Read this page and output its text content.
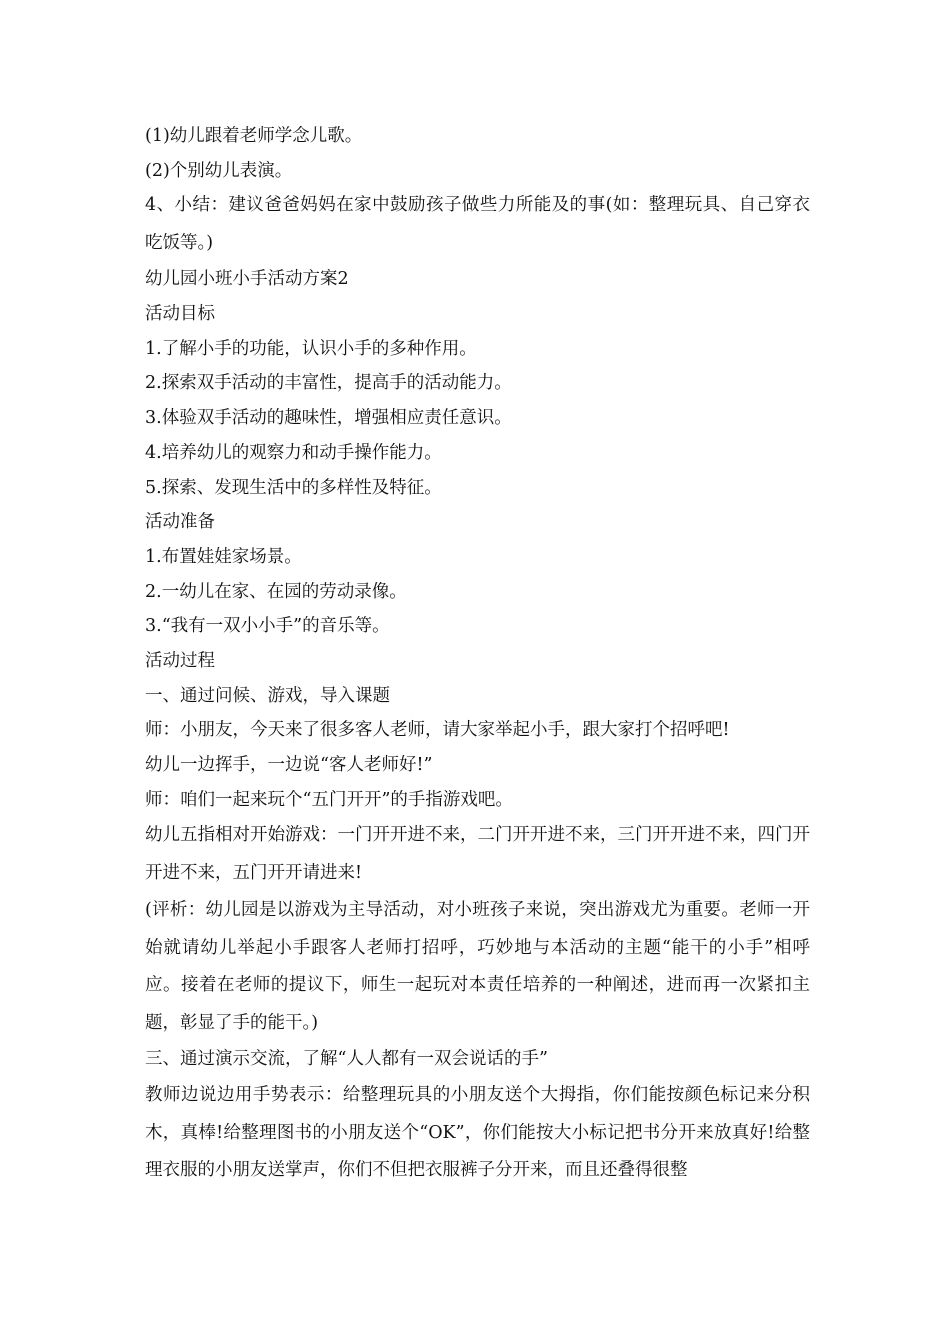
(1)幼儿跟着老师学念儿歌。
(2)个别幼儿表演。

4、小结：建议爸爸妈妈在家中鼓励孩子做些力所能及的事(如：整理玩具、自己穿衣吃饭等。)

幼儿园小班小手活动方案2
活动目标
1.了解小手的功能，认识小手的多种作用。
2.探索双手活动的丰富性，提高手的活动能力。
3.体验双手活动的趣味性，增强相应责任意识。
4.培养幼儿的观察力和动手操作能力。
5.探索、发现生活中的多样性及特征。
活动准备
1.布置娃娃家场景。
2.一幼儿在家、在园的劳动录像。
3.“我有一双小小手”的音乐等。
活动过程
一、通过问候、游戏，导入课题
师：小朋友，今天来了很多客人老师，请大家举起小手，跟大家打个招呼吧!
幼儿一边挥手，一边说“客人老师好!”
师：咱们一起来玩个“五门开开”的手指游戏吧。

幼儿五指相对开始游戏：一门开开进不来，二门开开进不来，三门开开进不来，四门开开进不来，五门开开请进来!

(评析：幼儿园是以游戏为主导活动，对小班孩子来说，突出游戏尤为重要。老师一开始就请幼儿举起小手跟客人老师打招呼，巧妙地与本活动的主题“能干的小手”相呼应。接着在老师的提议下，师生一起玩对本责任培养的一种阐述，进而再一次紧扣主题，彰显了手的能干。)

三、通过演示交流，了解“人人都有一双会说话的手”

教师边说边用手势表示：给整理玩具的小朋友送个大拇指，你们能按颜色标记来分积木，真棒!给整理图书的小朋友送个“OK”，你们能按大小标记把书分开来放真好!给整理衣服的小朋友送掌声，你们不但把衣服裤子分开来，而且还叠得很整
